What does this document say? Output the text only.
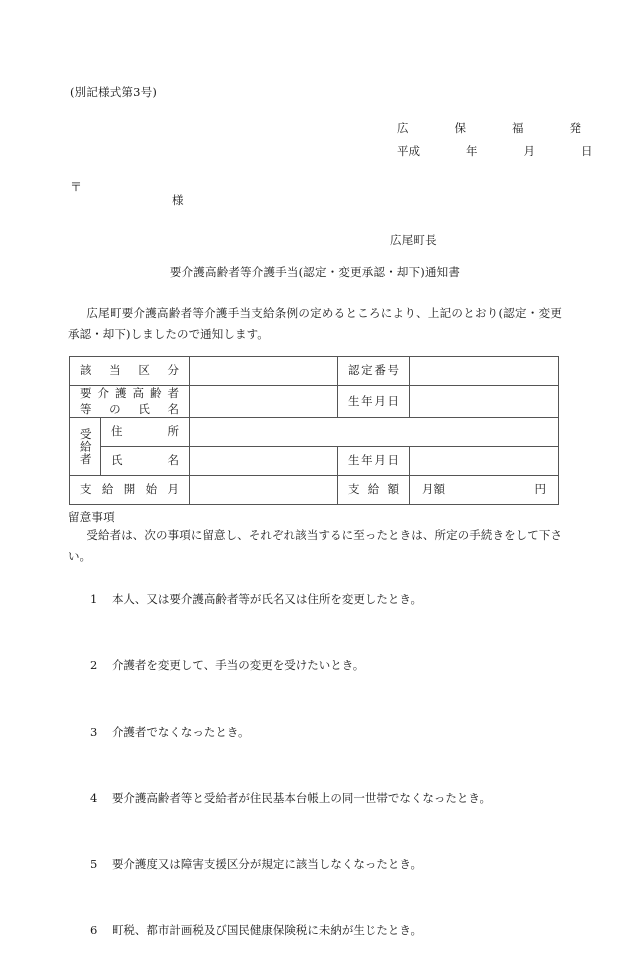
(別記様式第3号)
広　　　　保　　　　福　　　　発
平成　　　　年　　　　月　　　　日
〒
様
広尾町長
要介護高齢者等介護手当(認定・変更承認・却下)通知書
広尾町要介護高齢者等介護手当支給条例の定めるところにより、上記のとおり(認定・変更承認・却下)しましたので通知します。
該当区分			認定番号	

要介護高齢者
等の氏名			生年月日	

受給者	住所			

	氏名		生年月日	

支給開始月			支給額	月額 円
留意事項
受給者は、次の事項に留意し、それぞれ該当するに至ったときは、所定の手続きをして下さい。

1 本人、又は要介護高齢者等が氏名又は住所を変更したとき。

2 介護者を変更して、手当の変更を受けたいとき。

3 介護者でなくなったとき。

4 要介護高齢者等と受給者が住民基本台帳上の同一世帯でなくなったとき。

5 要介護度又は障害支援区分が規定に該当しなくなったとき。

6 町税、都市計画税及び国民健康保険税に未納が生じたとき。
